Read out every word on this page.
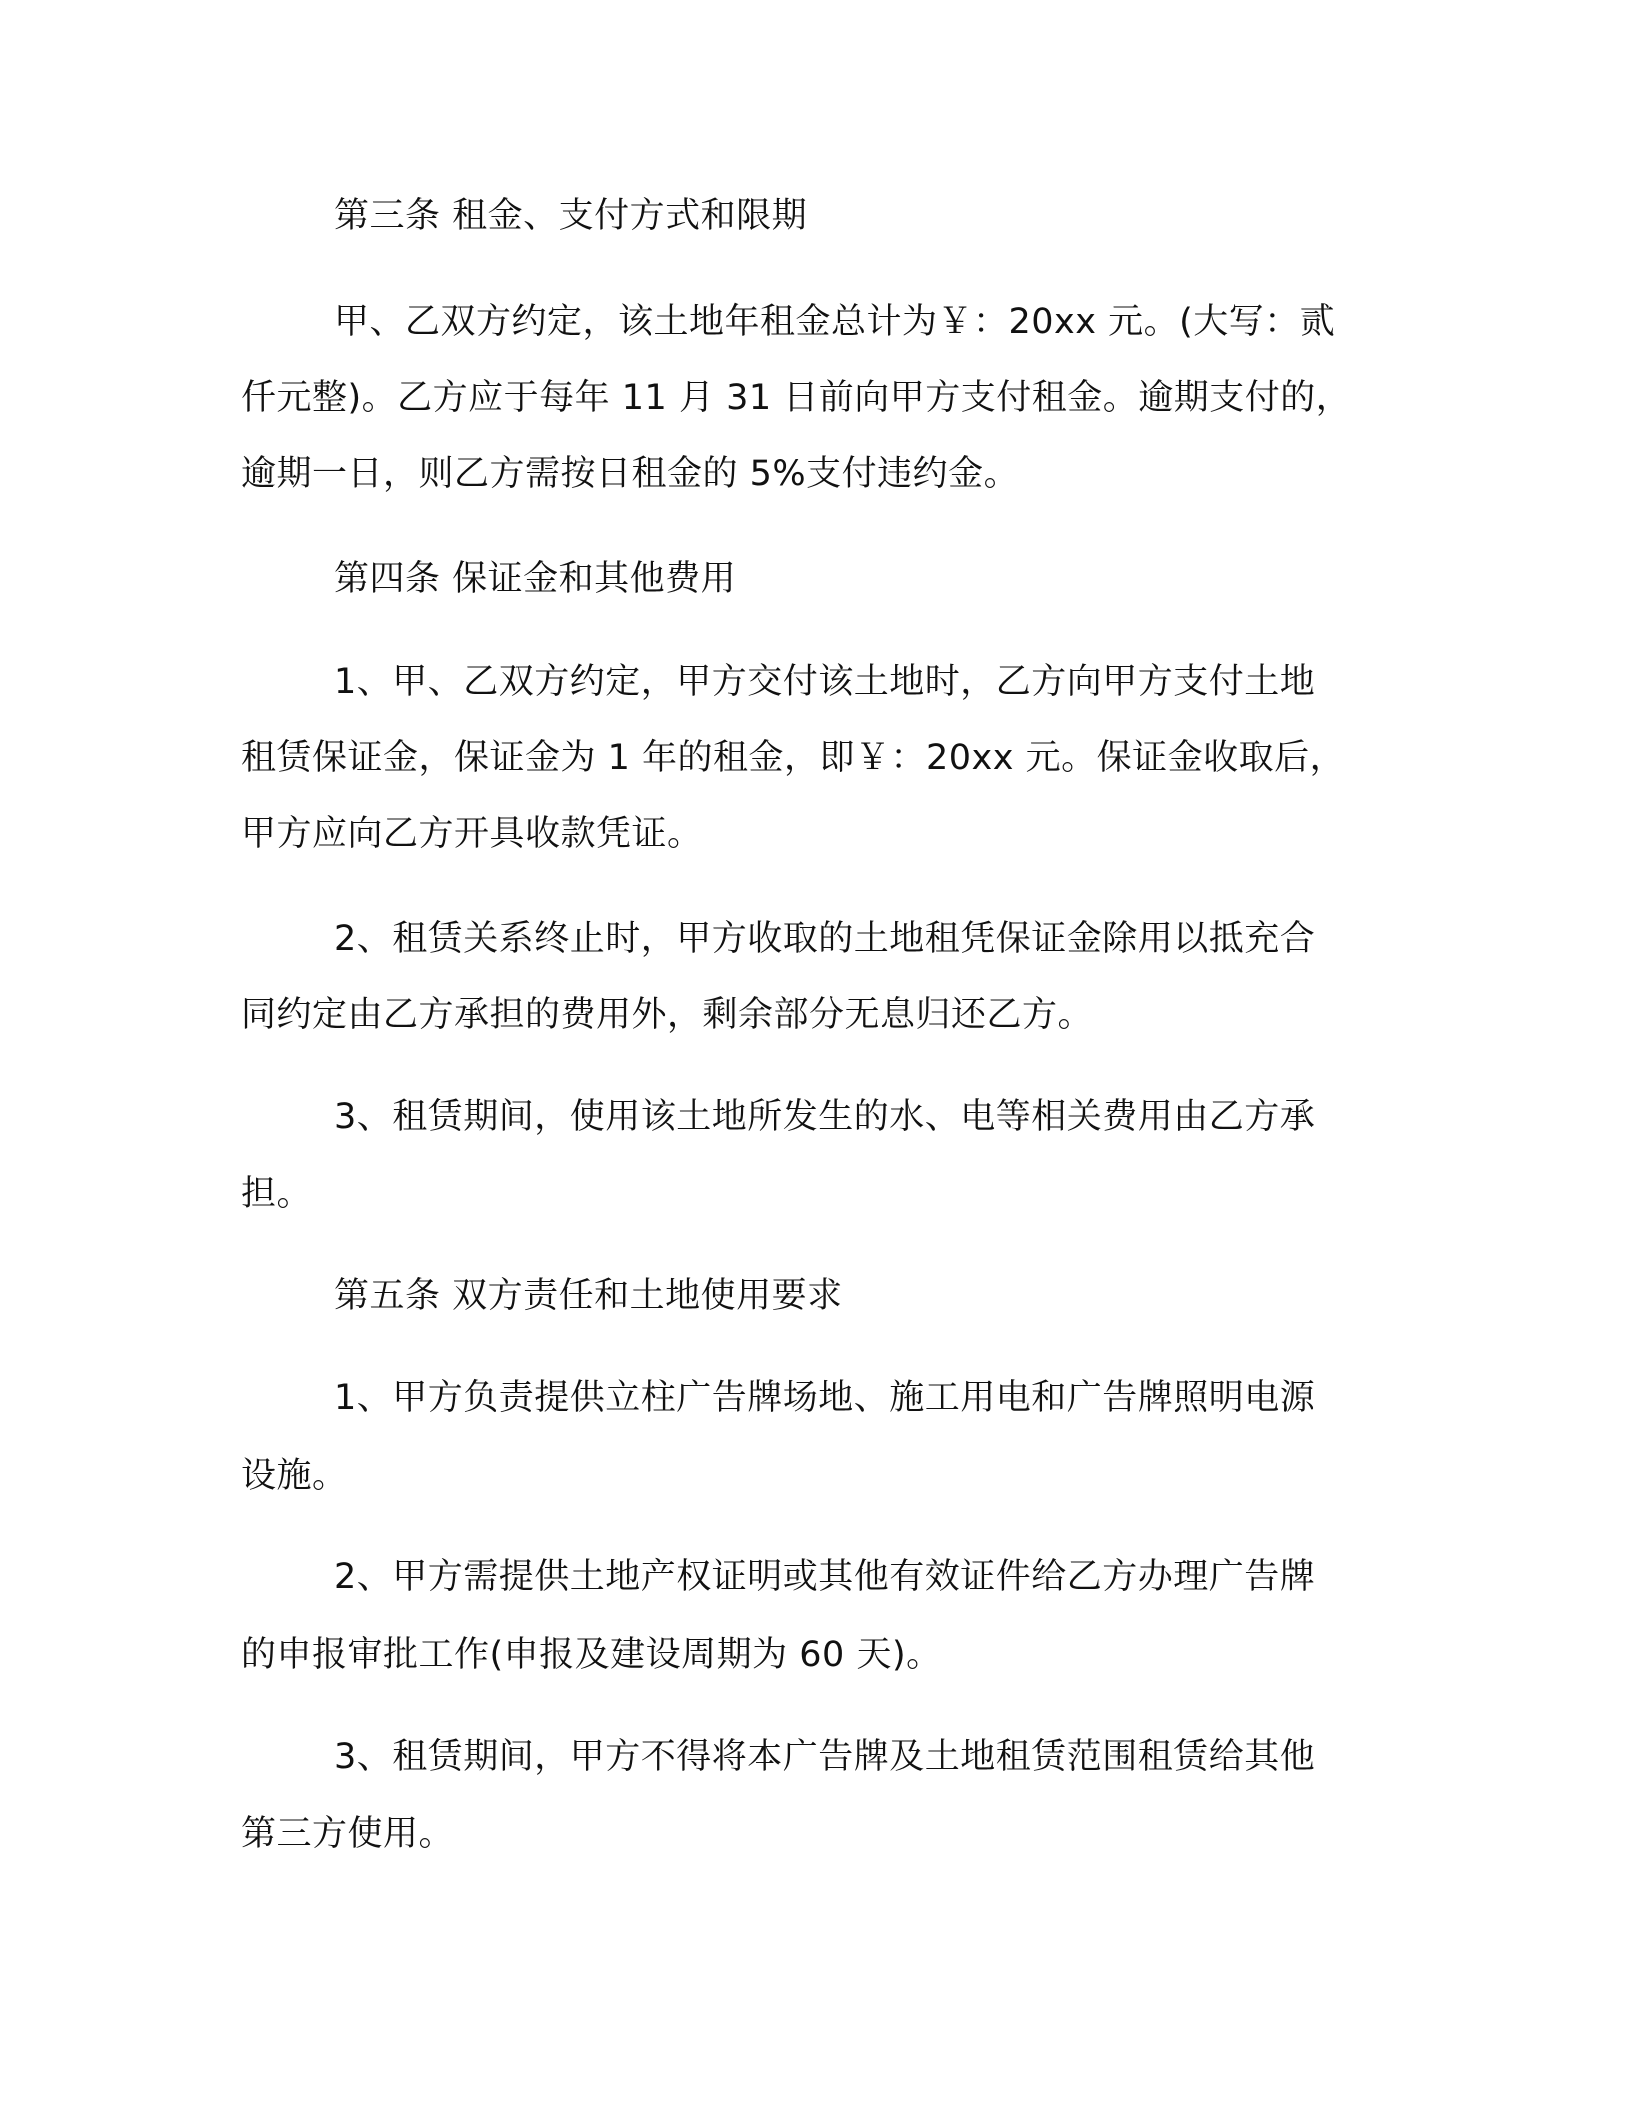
第三条 租金、支付方式和限期

甲、乙双方约定，该土地年租金总计为￥：20xx 元。(大写：贰

仟元整)。乙方应于每年 11 月 31 日前向甲方支付租金。逾期支付的，

逾期一日，则乙方需按日租金的 5%支付违约金。

第四条 保证金和其他费用

1、甲、乙双方约定，甲方交付该土地时，乙方向甲方支付土地

租赁保证金，保证金为 1 年的租金，即￥：20xx 元。保证金收取后，

甲方应向乙方开具收款凭证。

2、租赁关系终止时，甲方收取的土地租凭保证金除用以抵充合

同约定由乙方承担的费用外，剩余部分无息归还乙方。

3、租赁期间，使用该土地所发生的水、电等相关费用由乙方承

担。

第五条 双方责任和土地使用要求

1、甲方负责提供立柱广告牌场地、施工用电和广告牌照明电源

设施。

2、甲方需提供土地产权证明或其他有效证件给乙方办理广告牌

的申报审批工作(申报及建设周期为 60 天)。

3、租赁期间，甲方不得将本广告牌及土地租赁范围租赁给其他

第三方使用。
